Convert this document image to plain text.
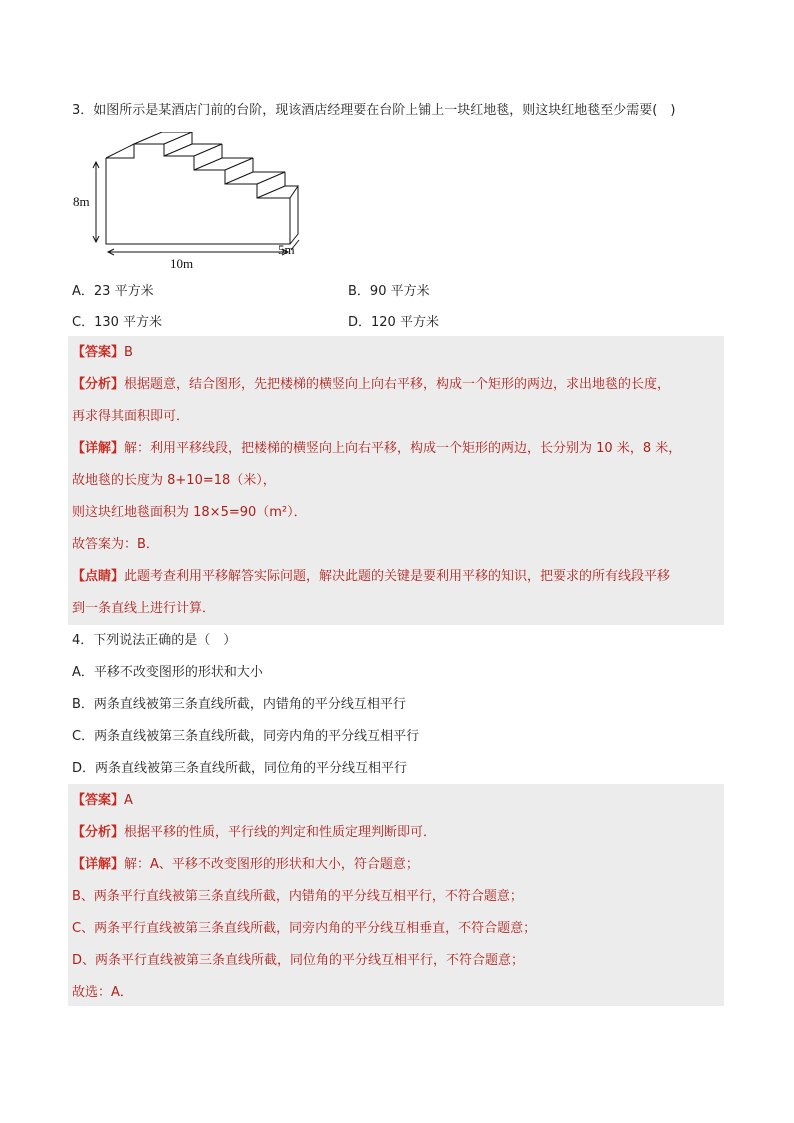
3．如图所示是某酒店门前的台阶，现该酒店经理要在台阶上铺上一块红地毯，则这块红地毯至少需要(　)
8m
10m
5m
A．23 平方米	B．90 平方米
C．130 平方米	D．120 平方米
【答案】B
【分析】根据题意，结合图形，先把楼梯的横竖向上向右平移，构成一个矩形的两边，求出地毯的长度，
再求得其面积即可．
【详解】解：利用平移线段，把楼梯的横竖向上向右平移，构成一个矩形的两边，长分别为 10 米，8 米，
故地毯的长度为 8+10=18（米），
则这块红地毯面积为 18×5=90（m²）．
故答案为：B．
【点睛】此题考查利用平移解答实际问题，解决此题的关键是要利用平移的知识，把要求的所有线段平移
到一条直线上进行计算．
4．下列说法正确的是（　）
A．平移不改变图形的形状和大小
B．两条直线被第三条直线所截，内错角的平分线互相平行
C．两条直线被第三条直线所截，同旁内角的平分线互相平行
D．两条直线被第三条直线所截，同位角的平分线互相平行
【答案】A
【分析】根据平移的性质，平行线的判定和性质定理判断即可．
【详解】解：A、平移不改变图形的形状和大小，符合题意；
B、两条平行直线被第三条直线所截，内错角的平分线互相平行，不符合题意；
C、两条平行直线被第三条直线所截，同旁内角的平分线互相垂直，不符合题意；
D、两条平行直线被第三条直线所截，同位角的平分线互相平行，不符合题意；
故选：A．
